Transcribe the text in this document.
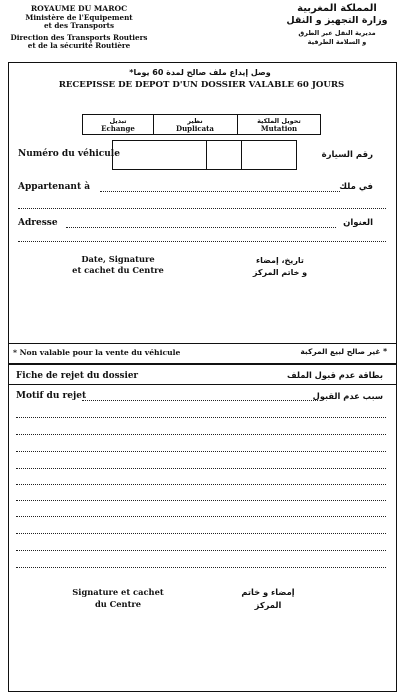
ROYAUME DU MAROC
Ministère de l'Equipement
et des Transports
Direction des Transports Routiers
et de la sécurité Routière
المملكة المغربية
وزارة التجهيز و النقل
مديرية النقل عبر الطرق
و السلامة الطرقية
وصل إيداع ملف صالح لمدة 60 يوما*
RECEPISSE DE DEPOT D'UN DOSSIER VALABLE 60 JOURS
تبديل
Echange
نظير
Duplicata
تحويل الملكية
Mutation
Numéro du véhicule	رقم السيارة
Appartenant à	في ملك
Adresse	العنوان
Date, Signature
et cachet du Centre
تاريخ، إمضاء
و خاتم المركز
* Non valable pour la vente du véhicule	* غير صالح لبيع المركبة
Fiche de rejet du dossier	بطاقة عدم قبول الملف
Motif du rejet	سبب عدم القبول
Signature et cachet
du Centre
إمضاء و خاتم
المركز
